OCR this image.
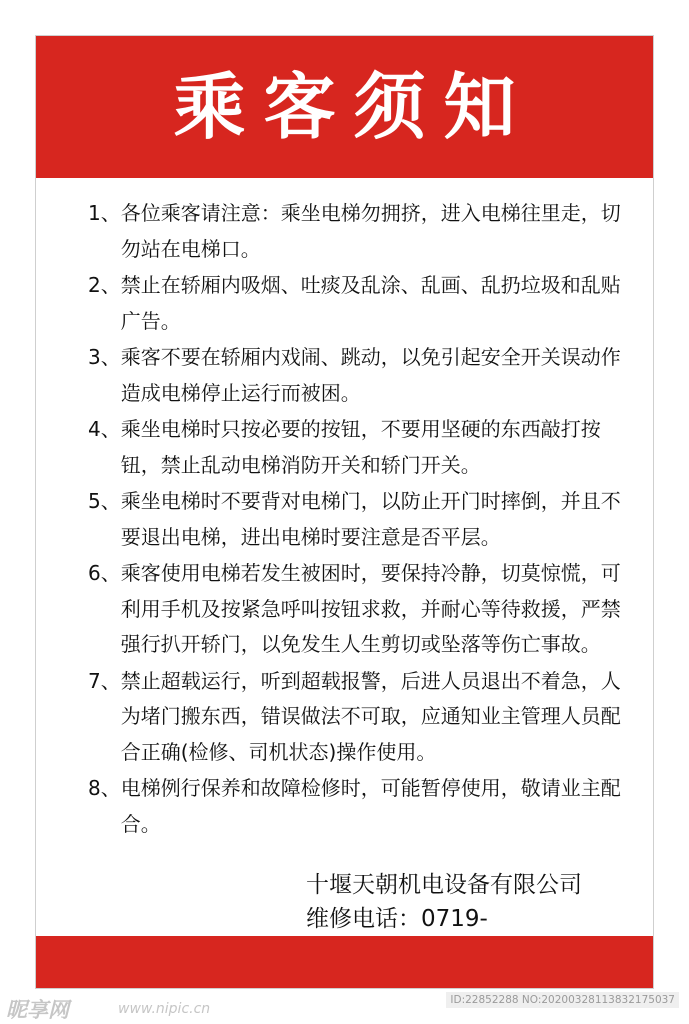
乘客须知
1、 各位乘客请注意：乘坐电梯勿拥挤，进入电梯往里走，切勿站在电梯口。
2、 禁止在轿厢内吸烟、吐痰及乱涂、乱画、乱扔垃圾和乱贴广告。
3、 乘客不要在轿厢内戏闹、跳动，以免引起安全开关误动作造成电梯停止运行而被困。
4、 乘坐电梯时只按必要的按钮，不要用坚硬的东西敲打按钮，禁止乱动电梯消防开关和轿门开关。
5、 乘坐电梯时不要背对电梯门，以防止开门时摔倒，并且不要退出电梯，进出电梯时要注意是否平层。
6、 乘客使用电梯若发生被困时，要保持冷静，切莫惊慌，可利用手机及按紧急呼叫按钮求救，并耐心等待救援，严禁强行扒开轿门，以免发生人生剪切或坠落等伤亡事故。
7、 禁止超载运行，听到超载报警，后进人员退出不着急，人为堵门搬东西，错误做法不可取，应通知业主管理人员配合正确(检修、司机状态)操作使用。
8、 电梯例行保养和故障检修时，可能暂停使用，敬请业主配合。
十堰天朝机电设备有限公司
维修电话：0719-
昵享网	www.nipic.cn
ID:22852288 NO:20200328113832175037
